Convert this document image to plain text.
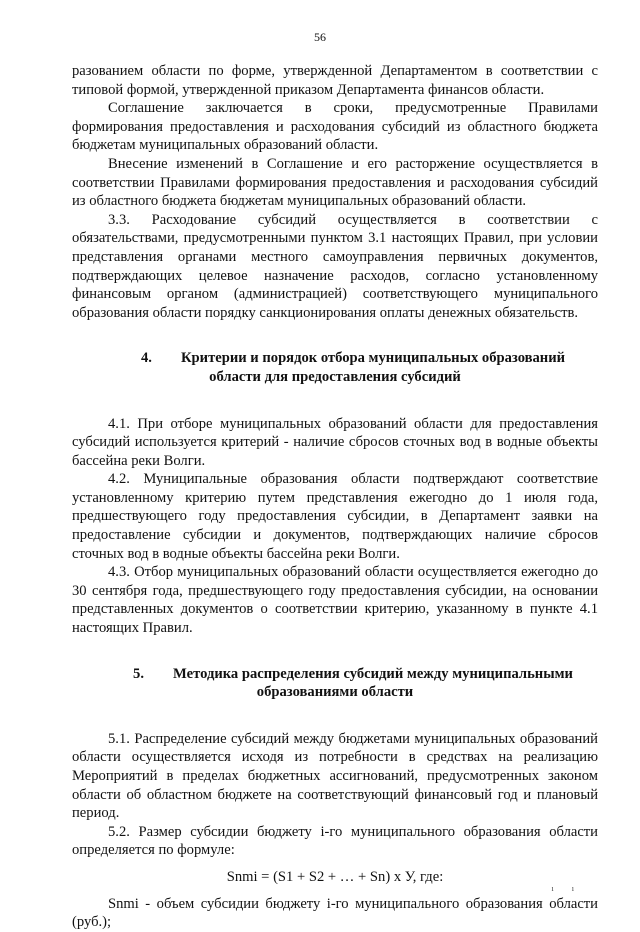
56

разованием области по форме, утвержденной Департаментом в соответствии с типовой формой, утвержденной приказом Департамента финансов области.

Соглашение заключается в сроки, предусмотренные Правилами формирования предоставления и расходования субсидий из областного бюджета бюджетам муниципальных образований области.

Внесение изменений в Соглашение и его расторжение осуществляется в соответствии Правилами формирования предоставления и расходования субсидий из областного бюджета бюджетам муниципальных образований области.

3.3. Расходование субсидий осуществляется в соответствии с обязательствами, предусмотренными пунктом 3.1 настоящих Правил, при условии представления органами местного самоуправления первичных документов, подтверждающих целевое назначение расходов, согласно установленному финансовым органом (администрацией) соответствующего муниципального образования области порядку санкционирования оплаты денежных обязательств.

4. Критерии и порядок отбора муниципальных образований

области для предоставления субсидий

4.1. При отборе муниципальных образований области для предоставления субсидий используется критерий - наличие сбросов сточных вод в водные объекты бассейна реки Волги.

4.2. Муниципальные образования области подтверждают соответствие установленному критерию путем представления ежегодно до 1 июля года, предшествующего году предоставления субсидии, в Департамент заявки на предоставление субсидии и документов, подтверждающих наличие сбросов сточных вод в водные объекты бассейна реки Волги.

4.3. Отбор муниципальных образований области осуществляется ежегодно до 30 сентября года, предшествующего году предоставления субсидии, на основании представленных документов о соответствии критерию, указанному в пункте 4.1 настоящих Правил.

5. Методика распределения субсидий между муниципальными

образованиями области

5.1. Распределение субсидий между бюджетами муниципальных образований области осуществляется исходя из потребности в средствах на реализацию Мероприятий в пределах бюджетных ассигнований, предусмотренных законом области об областном бюджете на соответствующий финансовый год и плановый период.

5.2. Размер субсидии бюджету i-го муниципального образования области определяется по формуле:

Snmi = (S1 + S2 + … + Sn) x У, где:

Snmi - объем субсидии бюджету i-го муниципального образования области (руб.);

ı ı
